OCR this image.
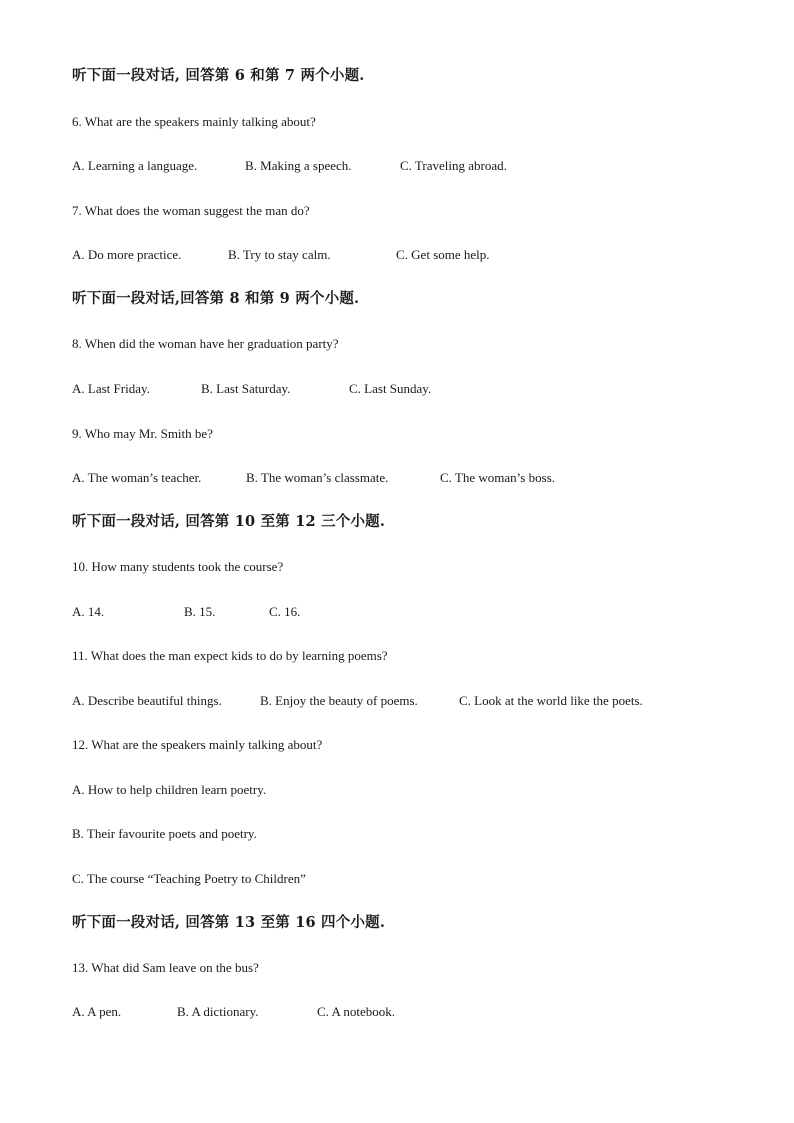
听下面一段对话, 回答第 6 和第 7 两个小题.
6. What are the speakers mainly talking about?
A. Learning a language.	B. Making a speech.	C. Traveling abroad.
7. What does the woman suggest the man do?
A. Do more practice.	B. Try to stay calm.	C. Get some help.
听下面一段对话,回答第 8 和第 9 两个小题.
8. When did the woman have her graduation party?
A. Last Friday.	B. Last Saturday.	C. Last Sunday.
9. Who may Mr. Smith be?
A. The woman’s teacher.	B. The woman’s classmate.	C. The woman’s boss.
听下面一段对话, 回答第 10 至第 12 三个小题.
10. How many students took the course?
A. 14.	B. 15.	C. 16.
11. What does the man expect kids to do by learning poems?
A. Describe beautiful things.	B. Enjoy the beauty of poems.	C. Look at the world like the poets.
12. What are the speakers mainly talking about?
A. How to help children learn poetry.
B. Their favourite poets and poetry.
C. The course “Teaching Poetry to Children”
听下面一段对话, 回答第 13 至第 16 四个小题.
13. What did Sam leave on the bus?
A. A pen.	B. A dictionary.	C. A notebook.
